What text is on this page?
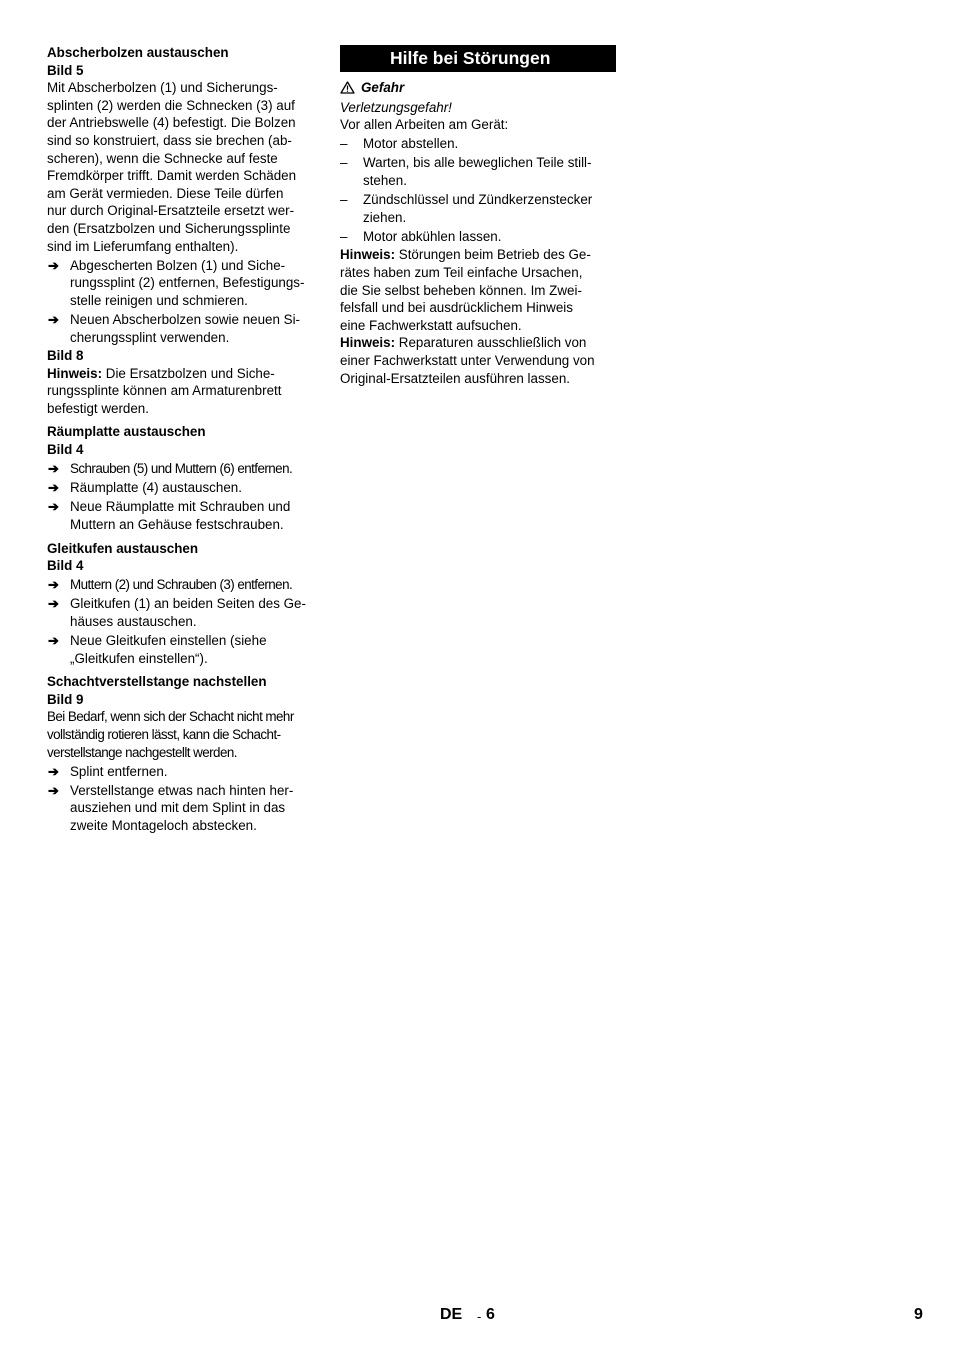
Abscherbolzen austauschen

Bild 5

Mit Abscherbolzen (1) und Sicherungs-
splinten (2) werden die Schnecken (3) auf
der Antriebswelle (4) befestigt. Die Bolzen
sind so konstruiert, dass sie brechen (ab-
scheren), wenn die Schnecke auf feste
Fremdkörper trifft. Damit werden Schäden
am Gerät vermieden. Diese Teile dürfen
nur durch Original-Ersatzteile ersetzt wer-
den (Ersatzbolzen und Sicherungssplinte
sind im Lieferumfang enthalten).

➔ Abgescherten Bolzen (1) und Siche-
rungssplint (2) entfernen, Befestigungs-
stelle reinigen und schmieren.
➔ Neuen Abscherbolzen sowie neuen Si-
cherungssplint verwenden.

Bild 8

Hinweis: Die Ersatzbolzen und Siche-
rungssplinte können am Armaturenbrett
befestigt werden.

Räumplatte austauschen

Bild 4

➔ Schrauben (5) und Muttern (6) entfernen.
➔ Räumplatte (4) austauschen.
➔ Neue Räumplatte mit Schrauben und
Muttern an Gehäuse festschrauben.

Gleitkufen austauschen

Bild 4

➔ Muttern (2) und Schrauben (3) entfernen.
➔ Gleitkufen (1) an beiden Seiten des Ge-
häuses austauschen.
➔ Neue Gleitkufen einstellen (siehe
„Gleitkufen einstellen“).

Schachtverstellstange nachstellen

Bild 9

Bei Bedarf, wenn sich der Schacht nicht mehr
vollständig rotieren lässt, kann die Schacht-
verstellstange nachgestellt werden.

➔ Splint entfernen.
➔ Verstellstange etwas nach hinten her-
ausziehen und mit dem Splint in das
zweite Montageloch abstecken.
Hilfe bei Störungen

Gefahr

Verletzungsgefahr!

Vor allen Arbeiten am Gerät:

– Motor abstellen.
– Warten, bis alle beweglichen Teile still-
stehen.
– Zündschlüssel und Zündkerzenstecker
ziehen.
– Motor abkühlen lassen.

Hinweis: Störungen beim Betrieb des Ge-
rätes haben zum Teil einfache Ursachen,
die Sie selbst beheben können. Im Zwei-
felsfall und bei ausdrücklichem Hinweis
eine Fachwerkstatt aufsuchen.

Hinweis: Reparaturen ausschließlich von
einer Fachwerkstatt unter Verwendung von
Original-Ersatzteilen ausführen lassen.

DE - 6	9
